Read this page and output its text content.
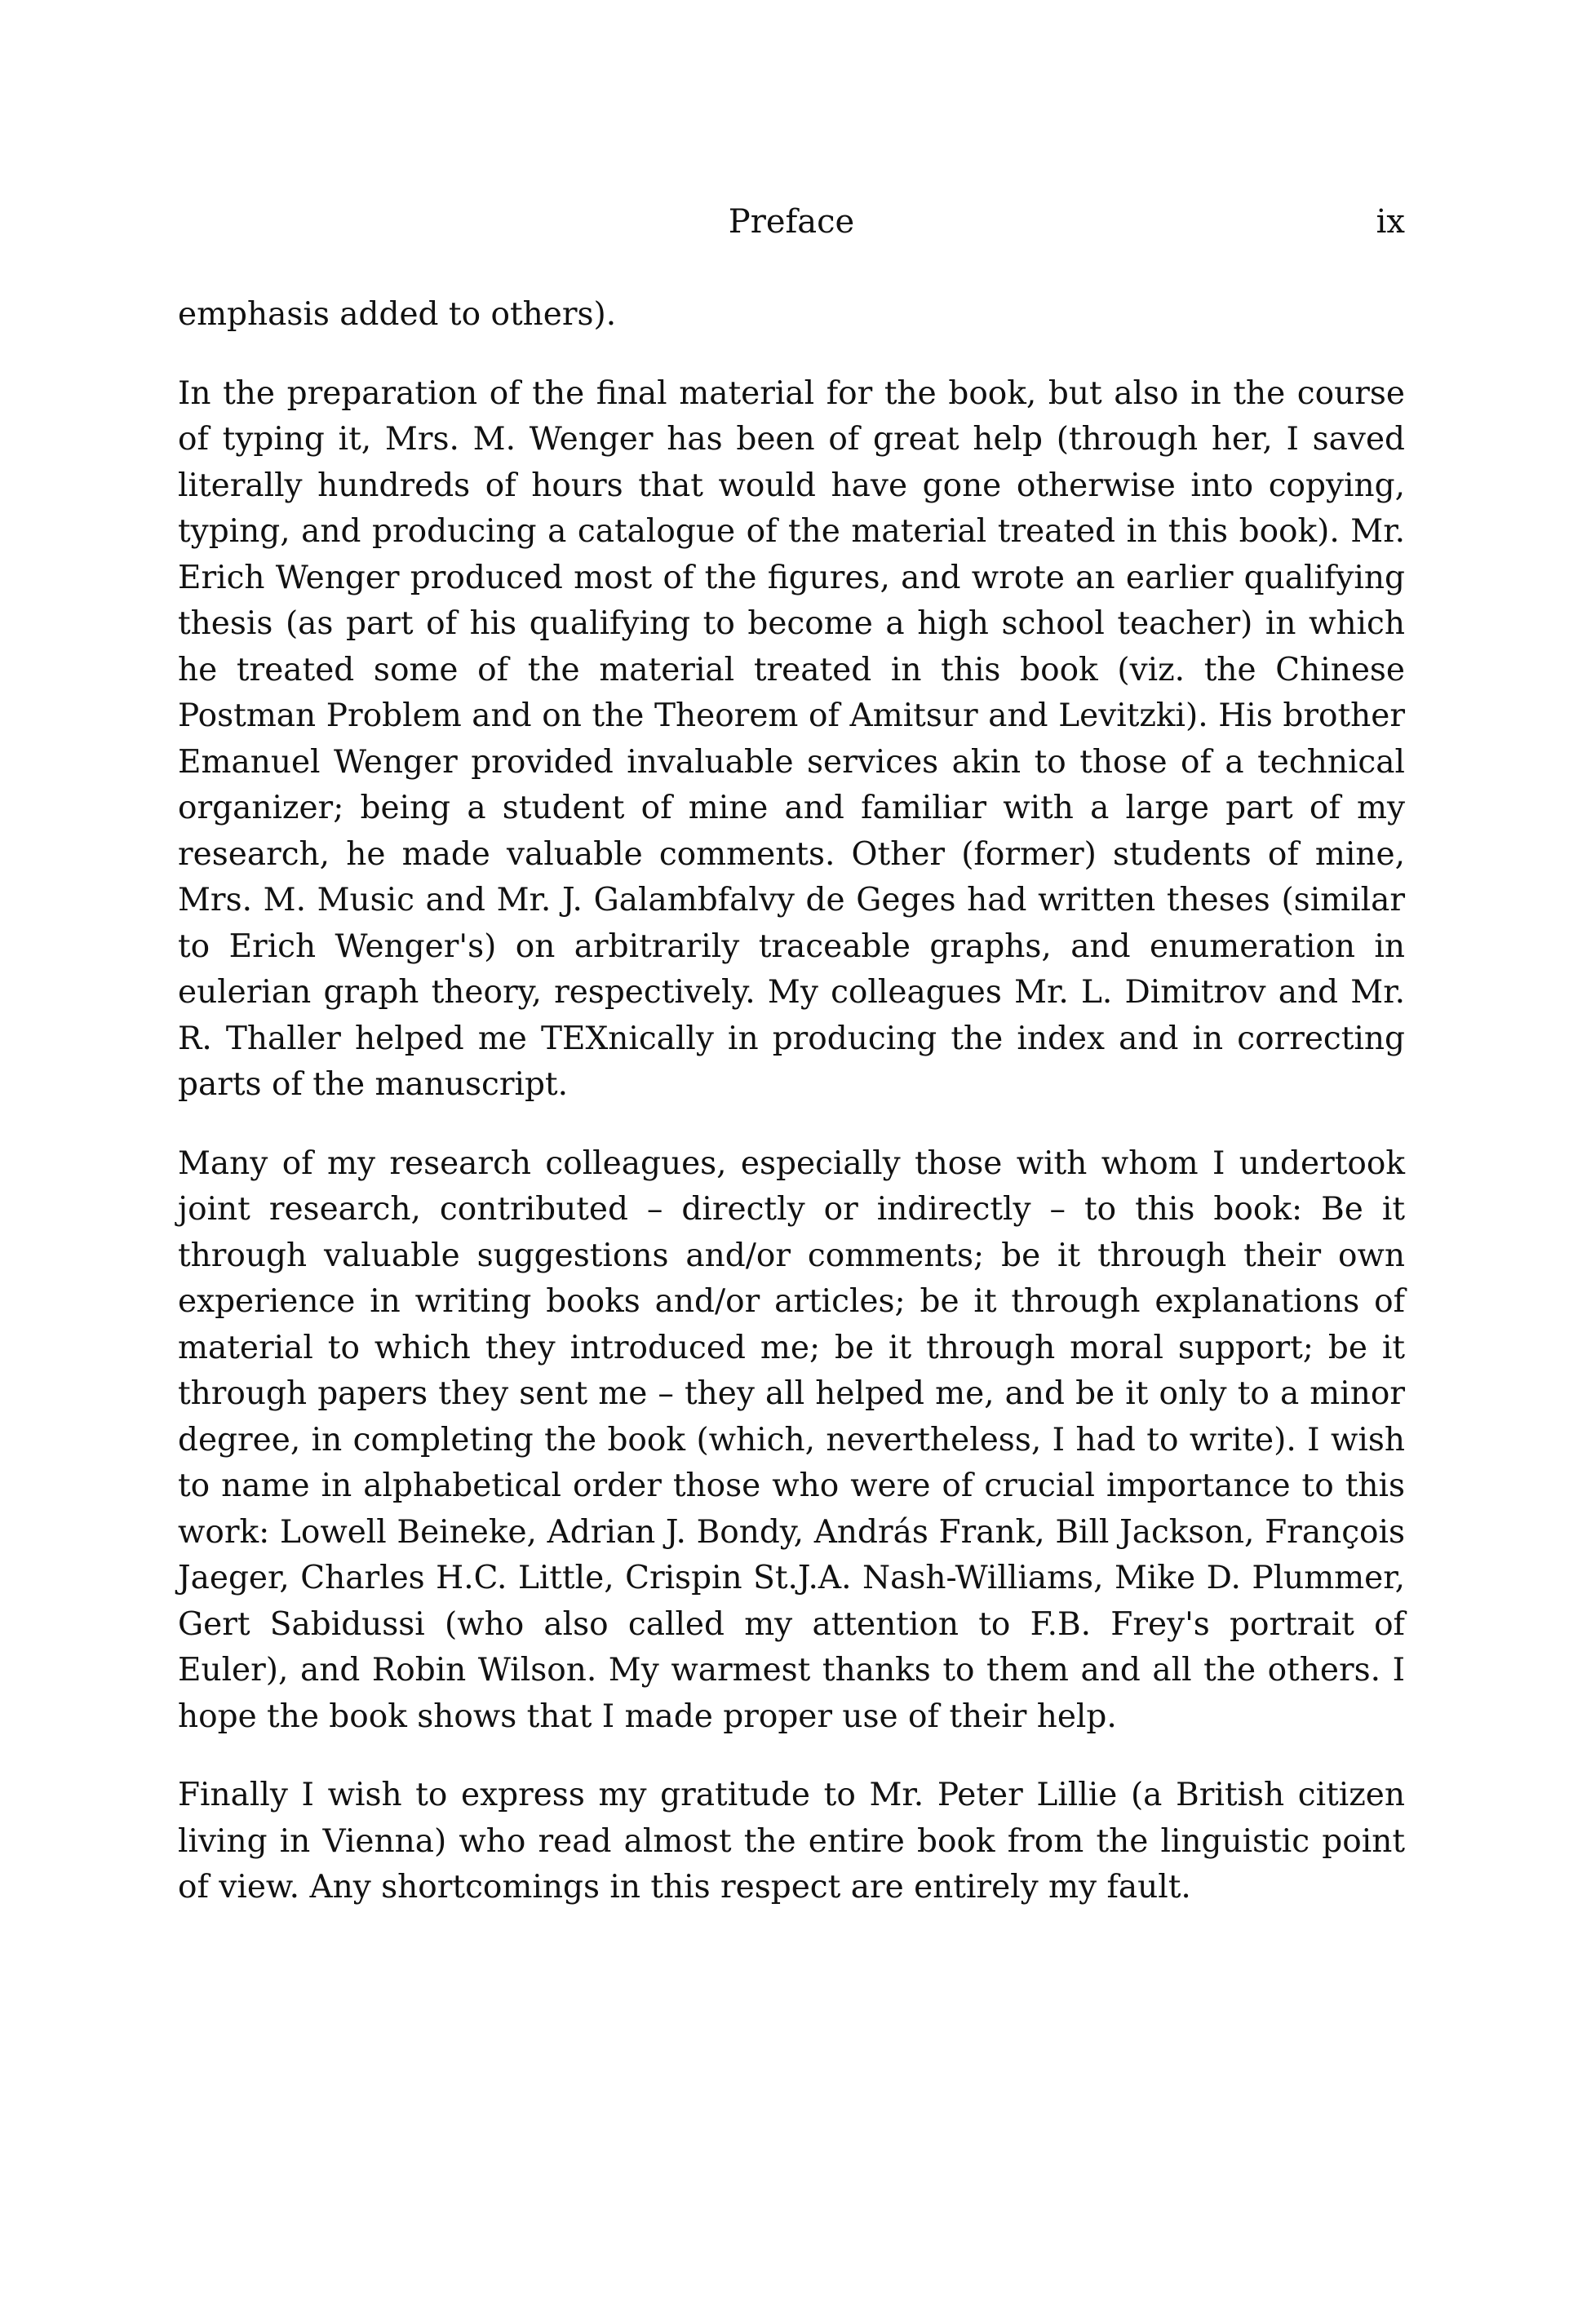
Preface	ix

emphasis added to others).

In the preparation of the final material for the book, but also in the course of typing it, Mrs. M. Wenger has been of great help (through her, I saved literally hundreds of hours that would have gone otherwise into copying, typing, and producing a catalogue of the material treated in this book). Mr. Erich Wenger produced most of the figures, and wrote an earlier qualifying thesis (as part of his qualifying to become a high school teacher) in which he treated some of the material treated in this book (viz. the Chinese Postman Problem and on the Theorem of Amitsur and Levitzki). His brother Emanuel Wenger provided invaluable services akin to those of a technical organizer; being a student of mine and familiar with a large part of my research, he made valuable comments. Other (former) students of mine, Mrs. M. Music and Mr. J. Galambfalvy de Geges had written theses (similar to Erich Wenger's) on arbitrarily traceable graphs, and enumeration in eulerian graph theory, respectively. My colleagues Mr. L. Dimitrov and Mr. R. Thaller helped me TEXnically in producing the index and in correcting parts of the manuscript.

Many of my research colleagues, especially those with whom I undertook joint research, contributed – directly or indirectly – to this book: Be it through valuable suggestions and/or comments; be it through their own experience in writing books and/or articles; be it through explanations of material to which they introduced me; be it through moral support; be it through papers they sent me – they all helped me, and be it only to a minor degree, in completing the book (which, nevertheless, I had to write). I wish to name in alphabetical order those who were of crucial importance to this work: Lowell Beineke, Adrian J. Bondy, András Frank, Bill Jackson, François Jaeger, Charles H.C. Little, Crispin St.J.A. Nash-Williams, Mike D. Plummer, Gert Sabidussi (who also called my attention to F.B. Frey's portrait of Euler), and Robin Wilson. My warmest thanks to them and all the others. I hope the book shows that I made proper use of their help.

Finally I wish to express my gratitude to Mr. Peter Lillie (a British citizen living in Vienna) who read almost the entire book from the linguistic point of view. Any shortcomings in this respect are entirely my fault.
